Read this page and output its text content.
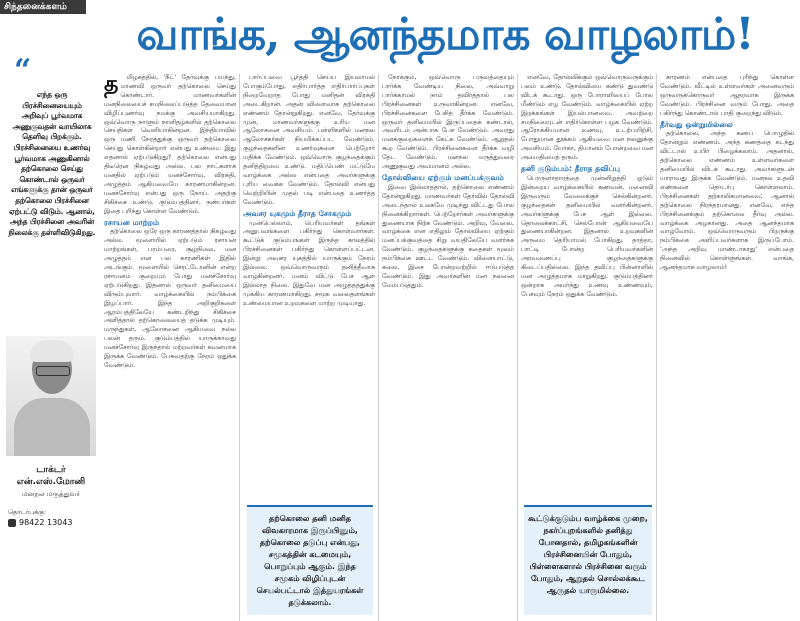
சிந்தனைக்களம்
வாங்க, ஆனந்தமாக வாழலாம்!
“
எந்த ஒரு பிரச்சினையையும் அறிவுப் பூர்வமாக அணுகுவதன் வாயிலாக தெளிவு பிறக்கும். பிரச்சினையை உணர்வு பூர்வமாக அணுகினால் தற்கொலை செய்து கொண்டால் ஒருவர் எங்களுக்கு தான் ஒருவர் தற்கொலை பிரச்சினை ஏற்பட்டு விடும். ஆனால், அந்த பிரச்சினை அவரின் நிலைக்கு தள்ளிவிடுகிறது.
டாக்டர் என்.எஸ்.மோனி
மனநல மருத்துவர்
தொடர்புக்கு:
98422 13043
த	மிழகத்தில், 'நீட்' தேர்வுக்கு பயந்து, மாணவி ஒருவர் தற்கொலை செய்து கொண்டார். மாணவர்களின் மனநிலையைச் சமநிலைப்படுத்த தேவையான விழிப்புணர்வு நமக்கு அவசியமாகிறது. ஒவ்வொரு நாளும் நாளிதழ்களில் தற்கொலை செய்திகள் வெளியாகின்றன. இந்தியாவில் ஒரு மணி நேரத்துக்கு ஒருவர் தற்கொலை செய்து கொள்கின்றார் என்பது உண்மை. இது எதனால் ஏற்படுகிறது? தற்கொலை என்பது திடீரென நிகழ்வது அல்ல. பல நாட்களாக மனதில் ஏற்படும் மனச்சோர்வு, விரக்தி, அழுத்தம் ஆகியவையே காரணமாகின்றன. மனச்சோர்வு என்பது ஒரு நோய். அதற்கு சிகிச்சை உண்டு. குடும்பத்தினர், நண்பர்கள் இதை புரிந்து கொள்ள வேண்டும்.

ரசாயன மாற்றம்

தற்கொலை ஒரே ஒரு காரணத்தால் நிகழ்வது அல்ல. மூளையில் ஏற்படும் ரசாயன மாற்றங்கள், பரம்பரை, சூழ்நிலை, மன அழுத்தம் என பல காரணிகள் இதில் அடங்கும். மூளையில் செரட்டோனின் என்ற ரசாயனம் குறையும் போது மனச்சோர்வு ஏற்படுகிறது. இதனால் ஒருவர் தனிமையை விரும்புவார். வாழ்க்கையில் நம்பிக்கை இழப்பார். இந்த அறிகுறிகளை ஆரம்பத்திலேயே கண்டறிந்து சிகிச்சை அளித்தால் தற்கொலையைத் தடுக்க முடியும். மருந்துகள், ஆலோசனை ஆகியவை நல்ல பலன் தரும். குடும்பத்தில் யாருக்காவது மனச்சோர்வு இருந்தால் மற்றவர்கள் கவனமாக இருக்க வேண்டும். பேசுவதற்கு நேரம் ஒதுக்க வேண்டும்.

பார்ப்பவை பூர்த்தி செய்ய இயலாமல் போகும்போது, எதிர்பார்த்த எதிர்பார்ப்புகள் நிறைவேறாத போது மனிதன் விரக்தி அடைகிறான். அதன் விளைவாக தற்கொலை எண்ணம் தோன்றுகிறது. எனவே, தேர்வுக்கு முன், மாணவர்களுக்கு உரிய மன ஆலோசனை அவசியம். பள்ளிகளில் மனநல ஆலோசகர்கள் நியமிக்கப்பட வேண்டும். குழந்தைகளின் உணர்வுகளை பெற்றோர் மதிக்க வேண்டும். ஒவ்வொரு குழந்தைக்கும் தனித்திறமை உண்டு. மதிப்பெண் மட்டுமே வாழ்க்கை அல்ல என்பதை அவர்களுக்கு புரிய வைக்க வேண்டும். தோல்வி என்பது வெற்றியின் முதல் படி என்பதை உணர்த்த வேண்டும்.

அவசர யுகமும் தீராத சோகமும்

முன்பெல்லாம், பெரியவர்கள் தங்கள் அனுபவங்களை பகிர்ந்து கொள்வார்கள். கூட்டுக் குடும்பங்கள் இருந்த காலத்தில் பிரச்சினைகள் பகிர்ந்து கொள்ளப்பட்டன. இன்று அவசர யுகத்தில் யாருக்கும் நேரம் இல்லை. ஒவ்வொருவரும் தனித்தீவாக வாழ்கின்றனர். மனம் விட்டு பேச ஆள் இல்லாத நிலை. இதுவே மன அழுத்தத்துக்கு முக்கிய காரணமாகிறது. சமூக வலைதளங்கள் உண்மையான உறவுகளை மாற்ற முடியாது.

நோக்கும், ஒவ்வொரு பருவத்தையும் பார்க்க வேண்டிய நிலை, அவ்வாறு பார்க்காமல் நாம் தவிர்த்தால் பல பிரச்சினைகள் உருவாகின்றன. எனவே, பிரச்சினைகளை பேசித் தீர்க்க வேண்டும். ஒருவர் தனிமையில் இருப்பதைக் கண்டால், அவரிடம் அன்பாக பேச வேண்டும். அவரது மனக்குறைகளைக் கேட்க வேண்டும். ஆறுதல் கூற வேண்டும். பிரச்சினைகளை தீர்க்க வழி தேட வேண்டும். மனநல மருத்துவரை அணுகுவது அவமானம் அல்ல.

தோல்வியை ஏற்கும் மனப்பக்குவம்

இவை இல்லாததால், தற்கொலை எண்ணம் தோன்றுகிறது. மாணவர்கள் தேர்வில் தோல்வி அடைந்தால் உலகமே முடிந்து விட்டது போல நினைக்கிறார்கள். பெற்றோர்கள் அவர்களுக்கு துணையாக நிற்க வேண்டும். அறிவு, வேலை, வாழ்க்கை என எதிலும் தோல்வியை ஏற்கும் மனப்பக்குவத்தை சிறு வயதிலேயே வளர்க்க வேண்டும். குழந்தைகளுக்கு கதைகள் மூலம் நம்பிக்கை ஊட்ட வேண்டும். விளையாட்டு, கலை, இசை போன்றவற்றில் ஈடுபடுத்த வேண்டும். இது அவர்களின் மன நலனை மேம்படுத்தும்.

எனவே, தோல்விக்கும் ஒவ்வொருவருக்கும் பலம் உண்டு. தோல்வியை கண்டு துவண்டு விடக் கூடாது. ஒரு போராளியைப் போல மீண்டும் எழ வேண்டும். வாழ்க்கையில் ஏற்ற இறக்கங்கள் இயல்பானவை. அவற்றை சமநிலையுடன் எதிர்கொள்ள பழக வேண்டும். ஆரோக்கியமான உணவு, உடற்பயிற்சி, போதுமான தூக்கம் ஆகியவை மன நலனுக்கு அவசியம். யோகா, தியானம் போன்றவை மன அமைதியைத் தரும்.

தனி குடும்பம்: தீராத தவிப்பு

பொருளாதாரத்தை முன்னிறுத்தி ஓடும் இன்றைய வாழ்க்கையில் கணவன், மனைவி இருவரும் வேலைக்குச் செல்கின்றனர். குழந்தைகள் தனிமையில் வளர்கின்றனர். அவர்களுக்கு பேச ஆள் இல்லை. தொலைக்காட்சி, செல்போன் ஆகியவையே துணையாகின்றன. இதனால் உறவுகளின் அருமை தெரியாமல் போகிறது. தாத்தா, பாட்டி போன்ற பெரியவர்களின் அரவணைப்பு குழந்தைகளுக்கு கிடைப்பதில்லை. இந்த தவிப்பு பின்னாளில் மன அழுத்தமாக மாறுகிறது. குடும்பத்தினர் ஒன்றாக அமர்ந்து உணவு உண்ணவும், பேசவும் நேரம் ஒதுக்க வேண்டும்.

காரணம் என்பதை புரிந்து கொள்ள வேண்டும். வீட்டில் உள்ளவர்கள் அனைவரும் ஒருவருக்கொருவர் ஆதரவாக இருக்க வேண்டும். பிரச்சினை வரும் போது, அதை பகிர்ந்து கொண்டால் பாதி குறைந்து விடும்.

தீர்வது ஒன்றுமில்லை

தற்கொலை, அந்த கணப் பொழுதில் தோன்றும் எண்ணம். அந்த கணத்தை கடந்து விட்டால் உயிர் பிழைக்கலாம். அதனால், தற்கொலை எண்ணம் உள்ளவர்களை தனிமையில் விடக் கூடாது. அவர்களுடன் யாராவது இருக்க வேண்டும். மனநல உதவி எண்களை தொடர்பு கொள்ளலாம். பிரச்சினைகள் தற்காலிகமானவை; ஆனால் தற்கொலை நிரந்தரமானது. எனவே, எந்த பிரச்சினைக்கும் தற்கொலை தீர்வு அல்ல. வாழ்க்கை அழகானது. அதை ஆனந்தமாக வாழ்வோம். ஒவ்வொருவரும் பிறருக்கு நம்பிக்கை அளிப்பவர்களாக இருப்போம். 'அந்த அறிவு மாண்டாகாது' என்பதை நினைவில் கொள்ளுங்கள். வாங்க, ஆனந்தமாக வாழலாம்!

தற்கொலை தனி மனித விவகாரமாக இருப்பினும், தற்கொலை தடுப்பு என்பது, சமூகத்தின் கடமையும், பொறுப்பும் ஆகும். இந்த சமூகம் விழிப்புடன் செயல்பட்டால் இத்துயரங்கள் தடுக்கலாம்.
கூட்டுக்குடும்ப வாழ்க்கை முறை, நகர்ப்புறங்களில் தனித்து போனதால், தமிழகங்களின் பிரச்சினையின் போதும், பிள்ளைகளால் பிரச்சினை வரும் போதும், ஆறுதல் சொல்லக்கூட ஆருதல் யாருமில்லை.
